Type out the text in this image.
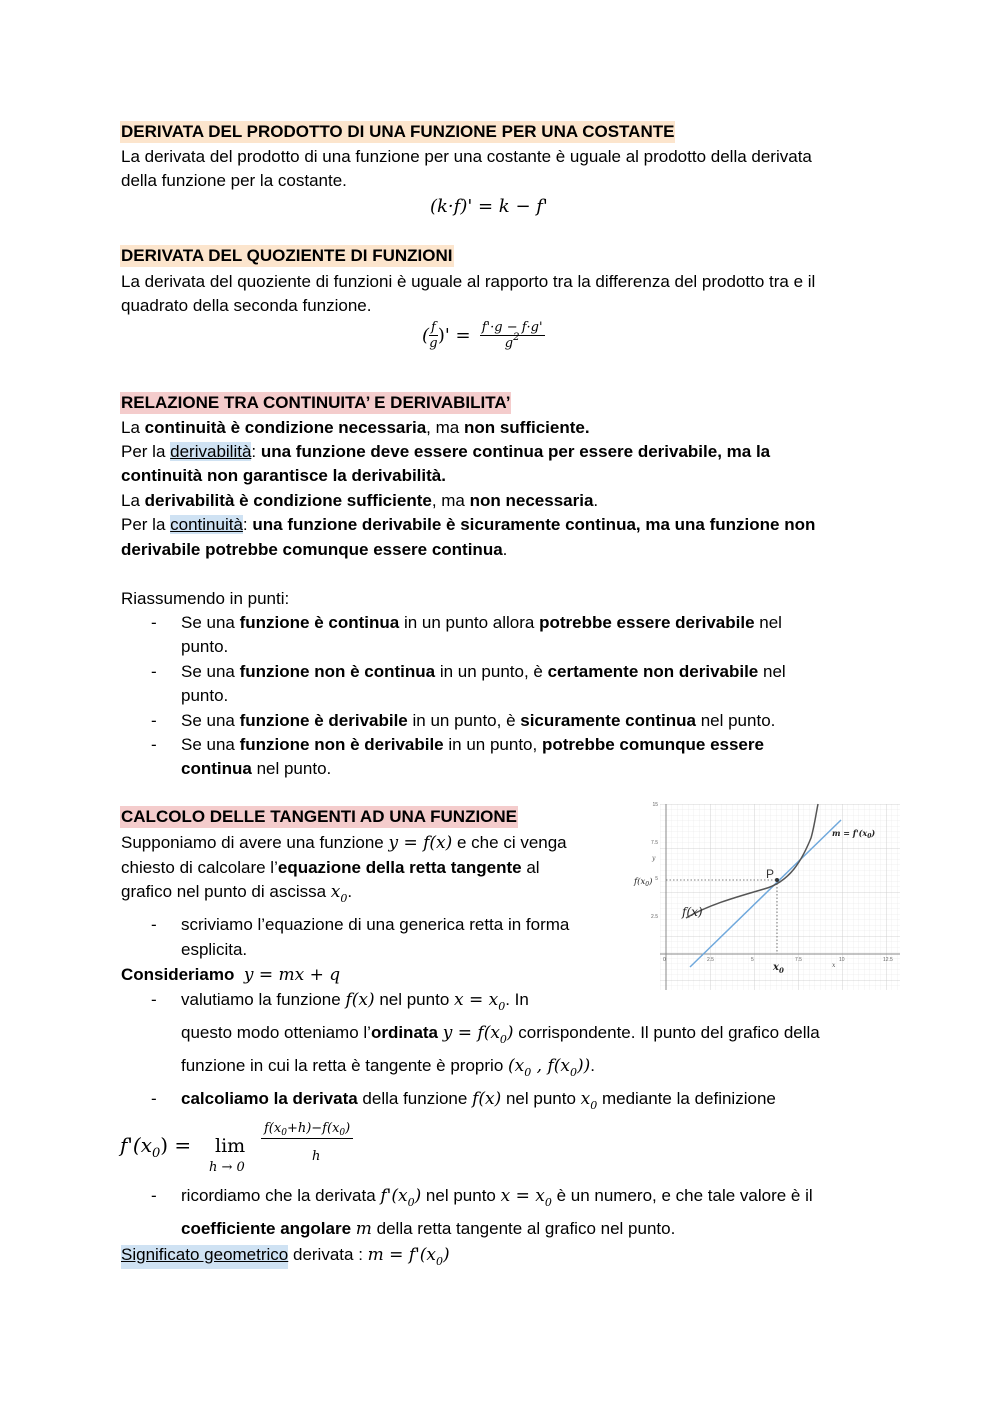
DERIVATA DEL PRODOTTO DI UNA FUNZIONE PER UNA COSTANTE
La derivata del prodotto di una funzione per una costante è uguale al prodotto della derivata
della funzione per la costante.
(k·f)' = k − f'
DERIVATA DEL QUOZIENTE DI FUNZIONI
La derivata del quoziente di funzioni è uguale al rapporto tra la differenza del prodotto tra e il
quadrato della seconda funzione.
( $\frac{f}{g}$ )' = $\frac{f'\cdot g - f\cdot g'}{g^2}$
RELAZIONE TRA CONTINUITA’ E DERIVABILITA’
La continuità è condizione necessaria, ma non sufficiente.
Per la derivabilità: una funzione deve essere continua per essere derivabile, ma la
continuità non garantisce la derivabilità.
La derivabilità è condizione sufficiente, ma non necessaria.
Per la continuità: una funzione derivabile è sicuramente continua, ma una funzione non
derivabile potrebbe comunque essere continua.
Riassumendo in punti:
- Se una funzione è continua in un punto allora potrebbe essere derivabile nel
punto.
- Se una funzione non è continua in un punto, è certamente non derivabile nel
punto.
- Se una funzione è derivabile in un punto, è sicuramente continua nel punto.
- Se una funzione non è derivabile in un punto, potrebbe comunque essere
continua nel punto.
CALCOLO DELLE TANGENTI AD UNA FUNZIONE
Supponiamo di avere una funzione y = f(x) e che ci venga
chiesto di calcolare l’equazione della retta tangente al
grafico nel punto di ascissa $x_0$.
- scriviamo l’equazione di una generica retta in forma
esplicita.
Consideriamo y = mx + q
- valutiamo la funzione f(x) nel punto $x = x_0$. In
questo modo otteniamo l’ordinata $y = f(x_0)$ corrispondente. Il punto del grafico della
funzione in cui la retta è tangente è proprio ($x_0$ , $f(x_0)$).
- calcoliamo la derivata della funzione f(x) nel punto $x_0$ mediante la definizione
$f'(x_0) = \lim$
h → 0
$f(x_0+h)-f(x_0)$
h
- ricordiamo che la derivata $f'(x_0)$ nel punto $x = x_0$ è un numero, e che tale valore è il
coefficiente angolare m della retta tangente al grafico nel punto.
Significato geometrico derivata : $m = f'(x_0)$
15
7.5
5
2.5
0	2.5	5	7.5	10	12.5
y
x
P
f(x)
$f(x_0)$
$x_0$
$m = f'(x_0)$
